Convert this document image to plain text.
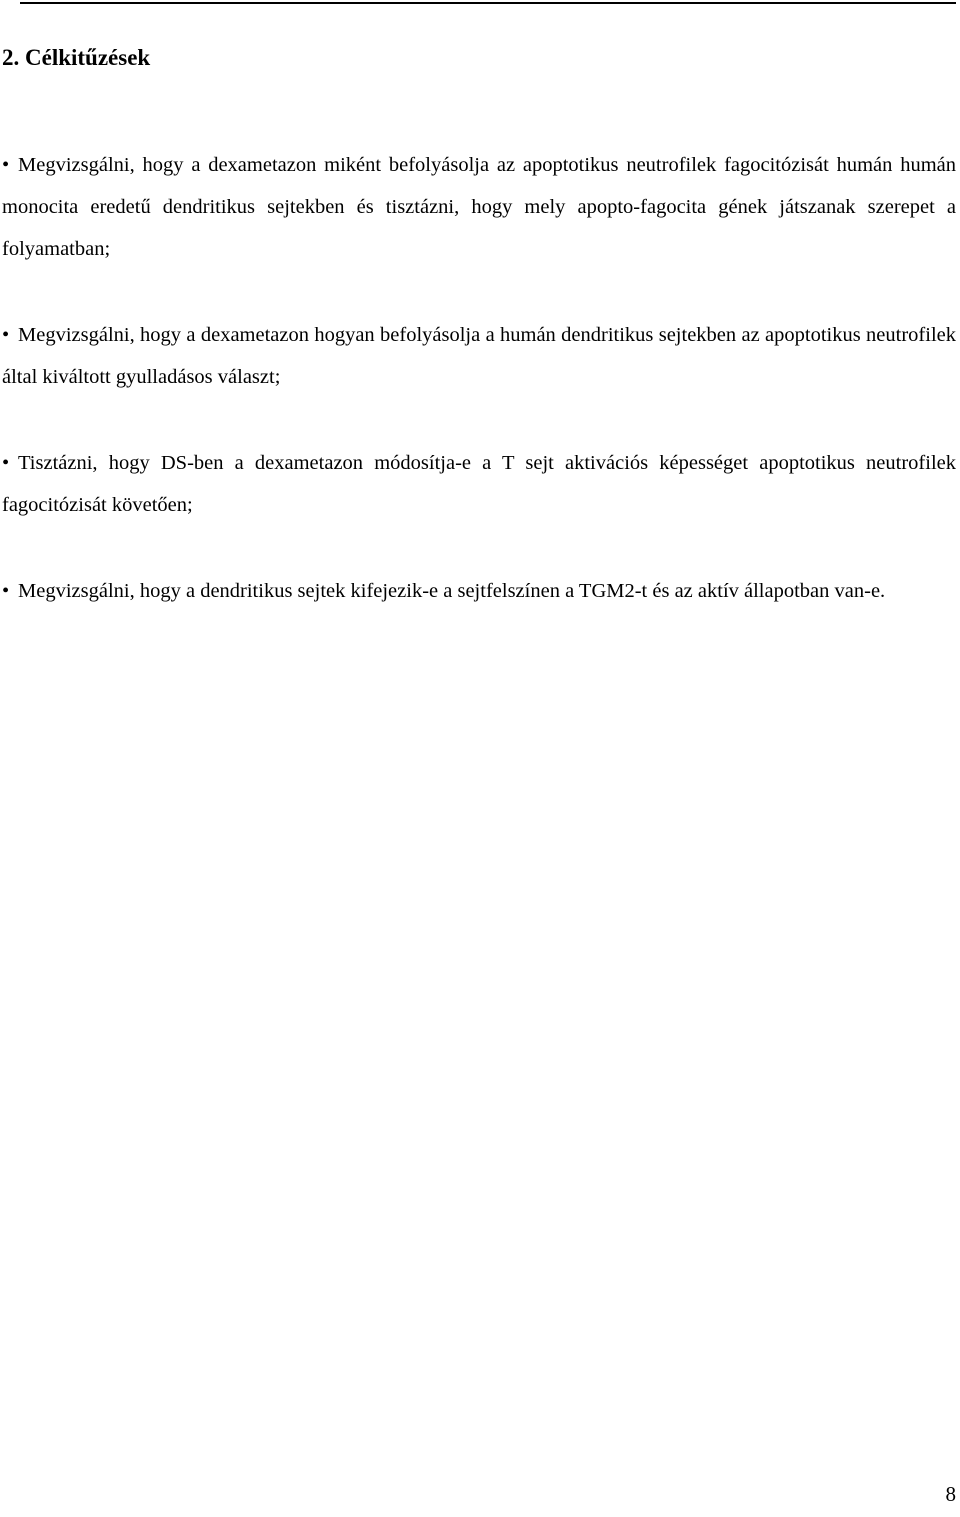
2. Célkitűzések

• Megvizsgálni, hogy a dexametazon miként befolyásolja az apoptotikus neutrofilek fagocitózisát humán humán monocita eredetű dendritikus sejtekben és tisztázni, hogy mely apopto-fagocita gének játszanak szerepet a folyamatban;

• Megvizsgálni, hogy a dexametazon hogyan befolyásolja a humán dendritikus sejtekben az apoptotikus neutrofilek által kiváltott gyulladásos választ;

• Tisztázni, hogy DS-ben a dexametazon módosítja-e a T sejt aktivációs képességet apoptotikus neutrofilek fagocitózisát követően;

• Megvizsgálni, hogy a dendritikus sejtek kifejezik-e a sejtfelszínen a TGM2-t és az aktív állapotban van-e.

8
